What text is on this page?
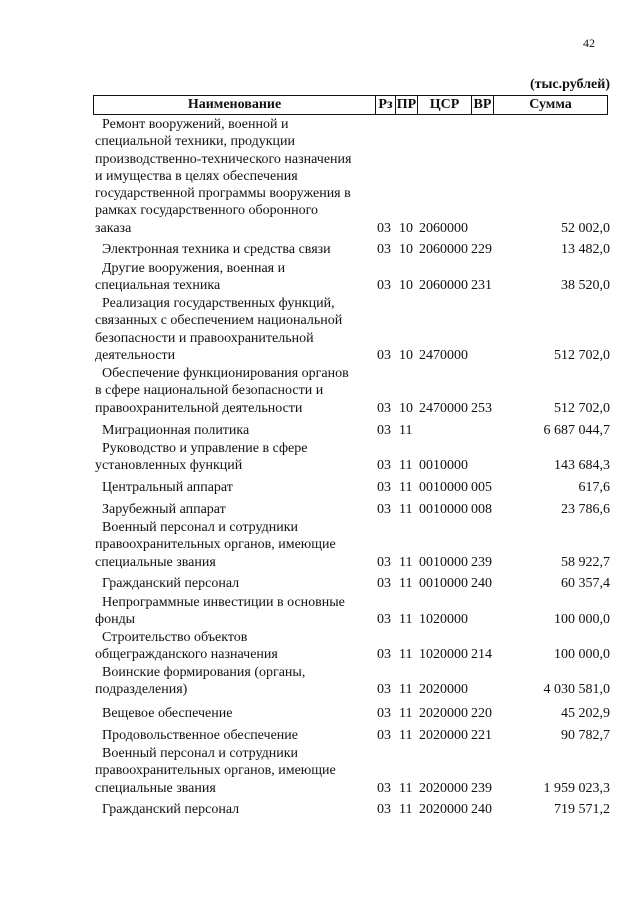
42
(тыс.рублей)
Наименование	Рз ПР ЦСР	ВР	Сумма
Ремонт вооружений, военной и
специальной техники, продукции
производственно-технического назначения
и имущества в целях обеспечения
государственной программы вооружения в
рамках государственного оборонного
заказа	03 10 2060000	52 002,0
Электронная техника и средства связи	03 10 2060000 229	13 482,0
Другие вооружения, военная и
специальная техника	03 10 2060000 231	38 520,0
Реализация государственных функций,
связанных с обеспечением национальной
безопасности и правоохранительной
деятельности	03 10 2470000	512 702,0
Обеспечение функционирования органов
в сфере национальной безопасности и
правоохранительной деятельности	03 10 2470000 253	512 702,0
Миграционная политика	03 11	6 687 044,7
Руководство и управление в сфере
установленных функций	03 11 0010000	143 684,3
Центральный аппарат	03 11 0010000 005	617,6
Зарубежный аппарат	03 11 0010000 008	23 786,6
Военный персонал и сотрудники
правоохранительных органов, имеющие
специальные звания	03 11 0010000 239	58 922,7
Гражданский персонал	03 11 0010000 240	60 357,4
Непрограммные инвестиции в основные
фонды	03 11 1020000	100 000,0
Строительство объектов
общегражданского назначения	03 11 1020000 214	100 000,0
Воинские формирования (органы,
подразделения)	03 11 2020000	4 030 581,0
Вещевое обеспечение	03 11 2020000 220	45 202,9
Продовольственное обеспечение	03 11 2020000 221	90 782,7
Военный персонал и сотрудники
правоохранительных органов, имеющие
специальные звания	03 11 2020000 239	1 959 023,3
Гражданский персонал	03 11 2020000 240	719 571,2
